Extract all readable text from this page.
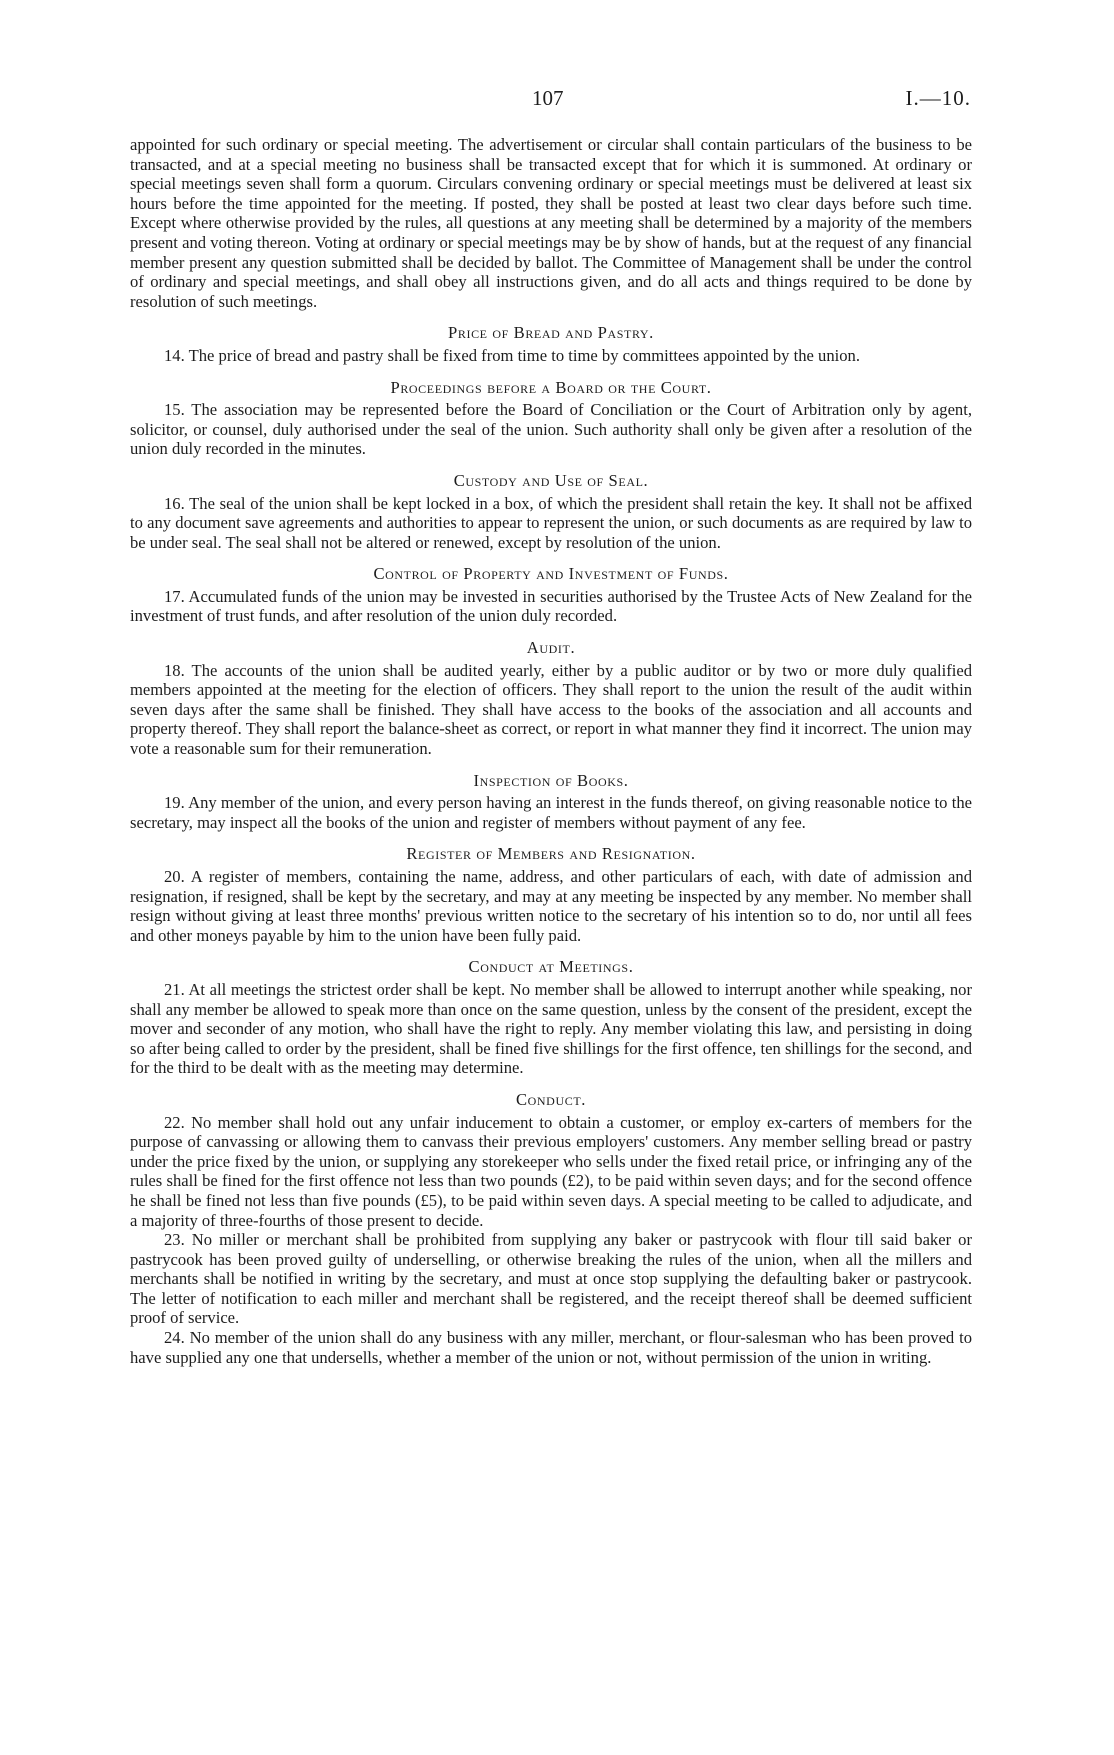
107	I.—10.

appointed for such ordinary or special meeting. The advertisement or circular shall contain particulars of the business to be transacted, and at a special meeting no business shall be transacted except that for which it is summoned. At ordinary or special meetings seven shall form a quorum. Circulars convening ordinary or special meetings must be delivered at least six hours before the time appointed for the meeting. If posted, they shall be posted at least two clear days before such time. Except where otherwise provided by the rules, all questions at any meeting shall be determined by a majority of the members present and voting thereon. Voting at ordinary or special meetings may be by show of hands, but at the request of any financial member present any question submitted shall be decided by ballot. The Committee of Management shall be under the control of ordinary and special meetings, and shall obey all instructions given, and do all acts and things required to be done by resolution of such meetings.

Price of Bread and Pastry.

14. The price of bread and pastry shall be fixed from time to time by committees appointed by the union.

Proceedings before a Board or the Court.

15. The association may be represented before the Board of Conciliation or the Court of Arbitration only by agent, solicitor, or counsel, duly authorised under the seal of the union. Such authority shall only be given after a resolution of the union duly recorded in the minutes.

Custody and Use of Seal.

16. The seal of the union shall be kept locked in a box, of which the president shall retain the key. It shall not be affixed to any document save agreements and authorities to appear to represent the union, or such documents as are required by law to be under seal. The seal shall not be altered or renewed, except by resolution of the union.

Control of Property and Investment of Funds.

17. Accumulated funds of the union may be invested in securities authorised by the Trustee Acts of New Zealand for the investment of trust funds, and after resolution of the union duly recorded.

Audit.

18. The accounts of the union shall be audited yearly, either by a public auditor or by two or more duly qualified members appointed at the meeting for the election of officers. They shall report to the union the result of the audit within seven days after the same shall be finished. They shall have access to the books of the association and all accounts and property thereof. They shall report the balance-sheet as correct, or report in what manner they find it incorrect. The union may vote a reasonable sum for their remuneration.

Inspection of Books.

19. Any member of the union, and every person having an interest in the funds thereof, on giving reasonable notice to the secretary, may inspect all the books of the union and register of members without payment of any fee.

Register of Members and Resignation.

20. A register of members, containing the name, address, and other particulars of each, with date of admission and resignation, if resigned, shall be kept by the secretary, and may at any meeting be inspected by any member. No member shall resign without giving at least three months' previous written notice to the secretary of his intention so to do, nor until all fees and other moneys payable by him to the union have been fully paid.

Conduct at Meetings.

21. At all meetings the strictest order shall be kept. No member shall be allowed to interrupt another while speaking, nor shall any member be allowed to speak more than once on the same question, unless by the consent of the president, except the mover and seconder of any motion, who shall have the right to reply. Any member violating this law, and persisting in doing so after being called to order by the president, shall be fined five shillings for the first offence, ten shillings for the second, and for the third to be dealt with as the meeting may determine.

Conduct.

22. No member shall hold out any unfair inducement to obtain a customer, or employ ex-carters of members for the purpose of canvassing or allowing them to canvass their previous employers' customers. Any member selling bread or pastry under the price fixed by the union, or supplying any storekeeper who sells under the fixed retail price, or infringing any of the rules shall be fined for the first offence not less than two pounds (£2), to be paid within seven days; and for the second offence he shall be fined not less than five pounds (£5), to be paid within seven days. A special meeting to be called to adjudicate, and a majority of three-fourths of those present to decide.

23. No miller or merchant shall be prohibited from supplying any baker or pastrycook with flour till said baker or pastrycook has been proved guilty of underselling, or otherwise breaking the rules of the union, when all the millers and merchants shall be notified in writing by the secretary, and must at once stop supplying the defaulting baker or pastrycook. The letter of notification to each miller and merchant shall be registered, and the receipt thereof shall be deemed sufficient proof of service.

24. No member of the union shall do any business with any miller, merchant, or flour-salesman who has been proved to have supplied any one that undersells, whether a member of the union or not, without permission of the union in writing.
